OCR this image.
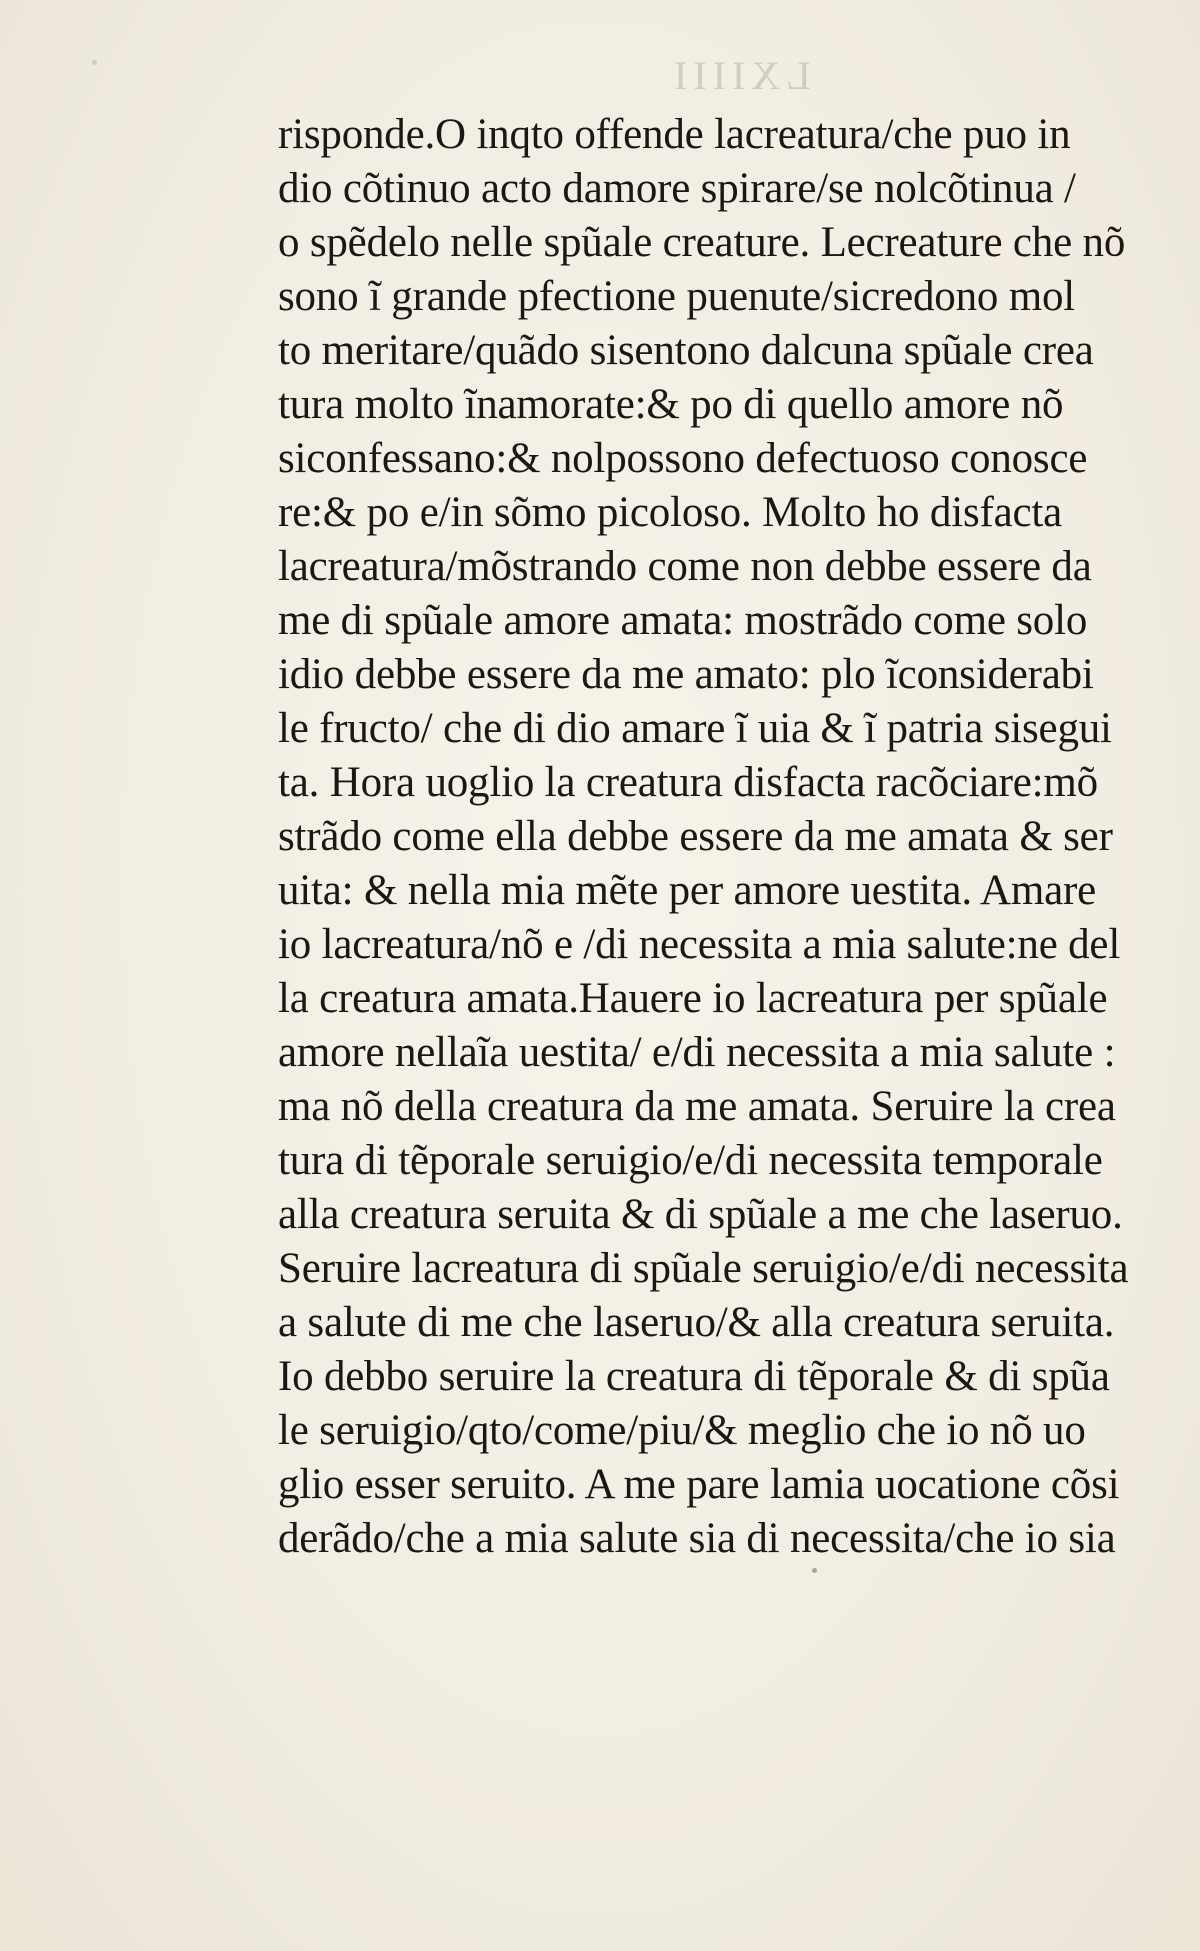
LXIIII
risponde.O inqto offende lacreatura/che puo in
dio cõtinuo acto damore spirare/se nolcõtinua /
o spẽdelo nelle spũale creature. Lecreature che nõ
sono ĩ grande pfectione puenute/sicredono mol
to meritare/quãdo sisentono dalcuna spũale crea
tura molto ĩnamorate:& po di quello amore nõ
siconfessano:& nolpossono defectuoso conosce
re:& po e/in sõmo picoloso. Molto ho disfacta
lacreatura/mõstrando come non debbe essere da
me di spũale amore amata: mostrãdo come solo
idio debbe essere da me amato: plo ĩconsiderabi
le fructo/ che di dio amare ĩ uia & ĩ patria sisegui
ta. Hora uoglio la creatura disfacta racõciare:mõ
strãdo come ella debbe essere da me amata & ser
uita: & nella mia mẽte per amore uestita. Amare
io lacreatura/nõ e /di necessita a mia salute:ne del
la creatura amata.Hauere io lacreatura per spũale
amore nellaĩa uestita/ e/di necessita a mia salute :
ma nõ della creatura da me amata. Seruire la crea
tura di tẽporale seruigio/e/di necessita temporale
alla creatura seruita & di spũale a me che laseruo.
Seruire lacreatura di spũale seruigio/e/di necessita
a salute di me che laseruo/& alla creatura seruita.
Io debbo seruire la creatura di tẽporale & di spũa
le seruigio/qto/come/piu/& meglio che io nõ uo
glio esser seruito. A me pare lamia uocatione cõsi
derãdo/che a mia salute sia di necessita/che io sia
